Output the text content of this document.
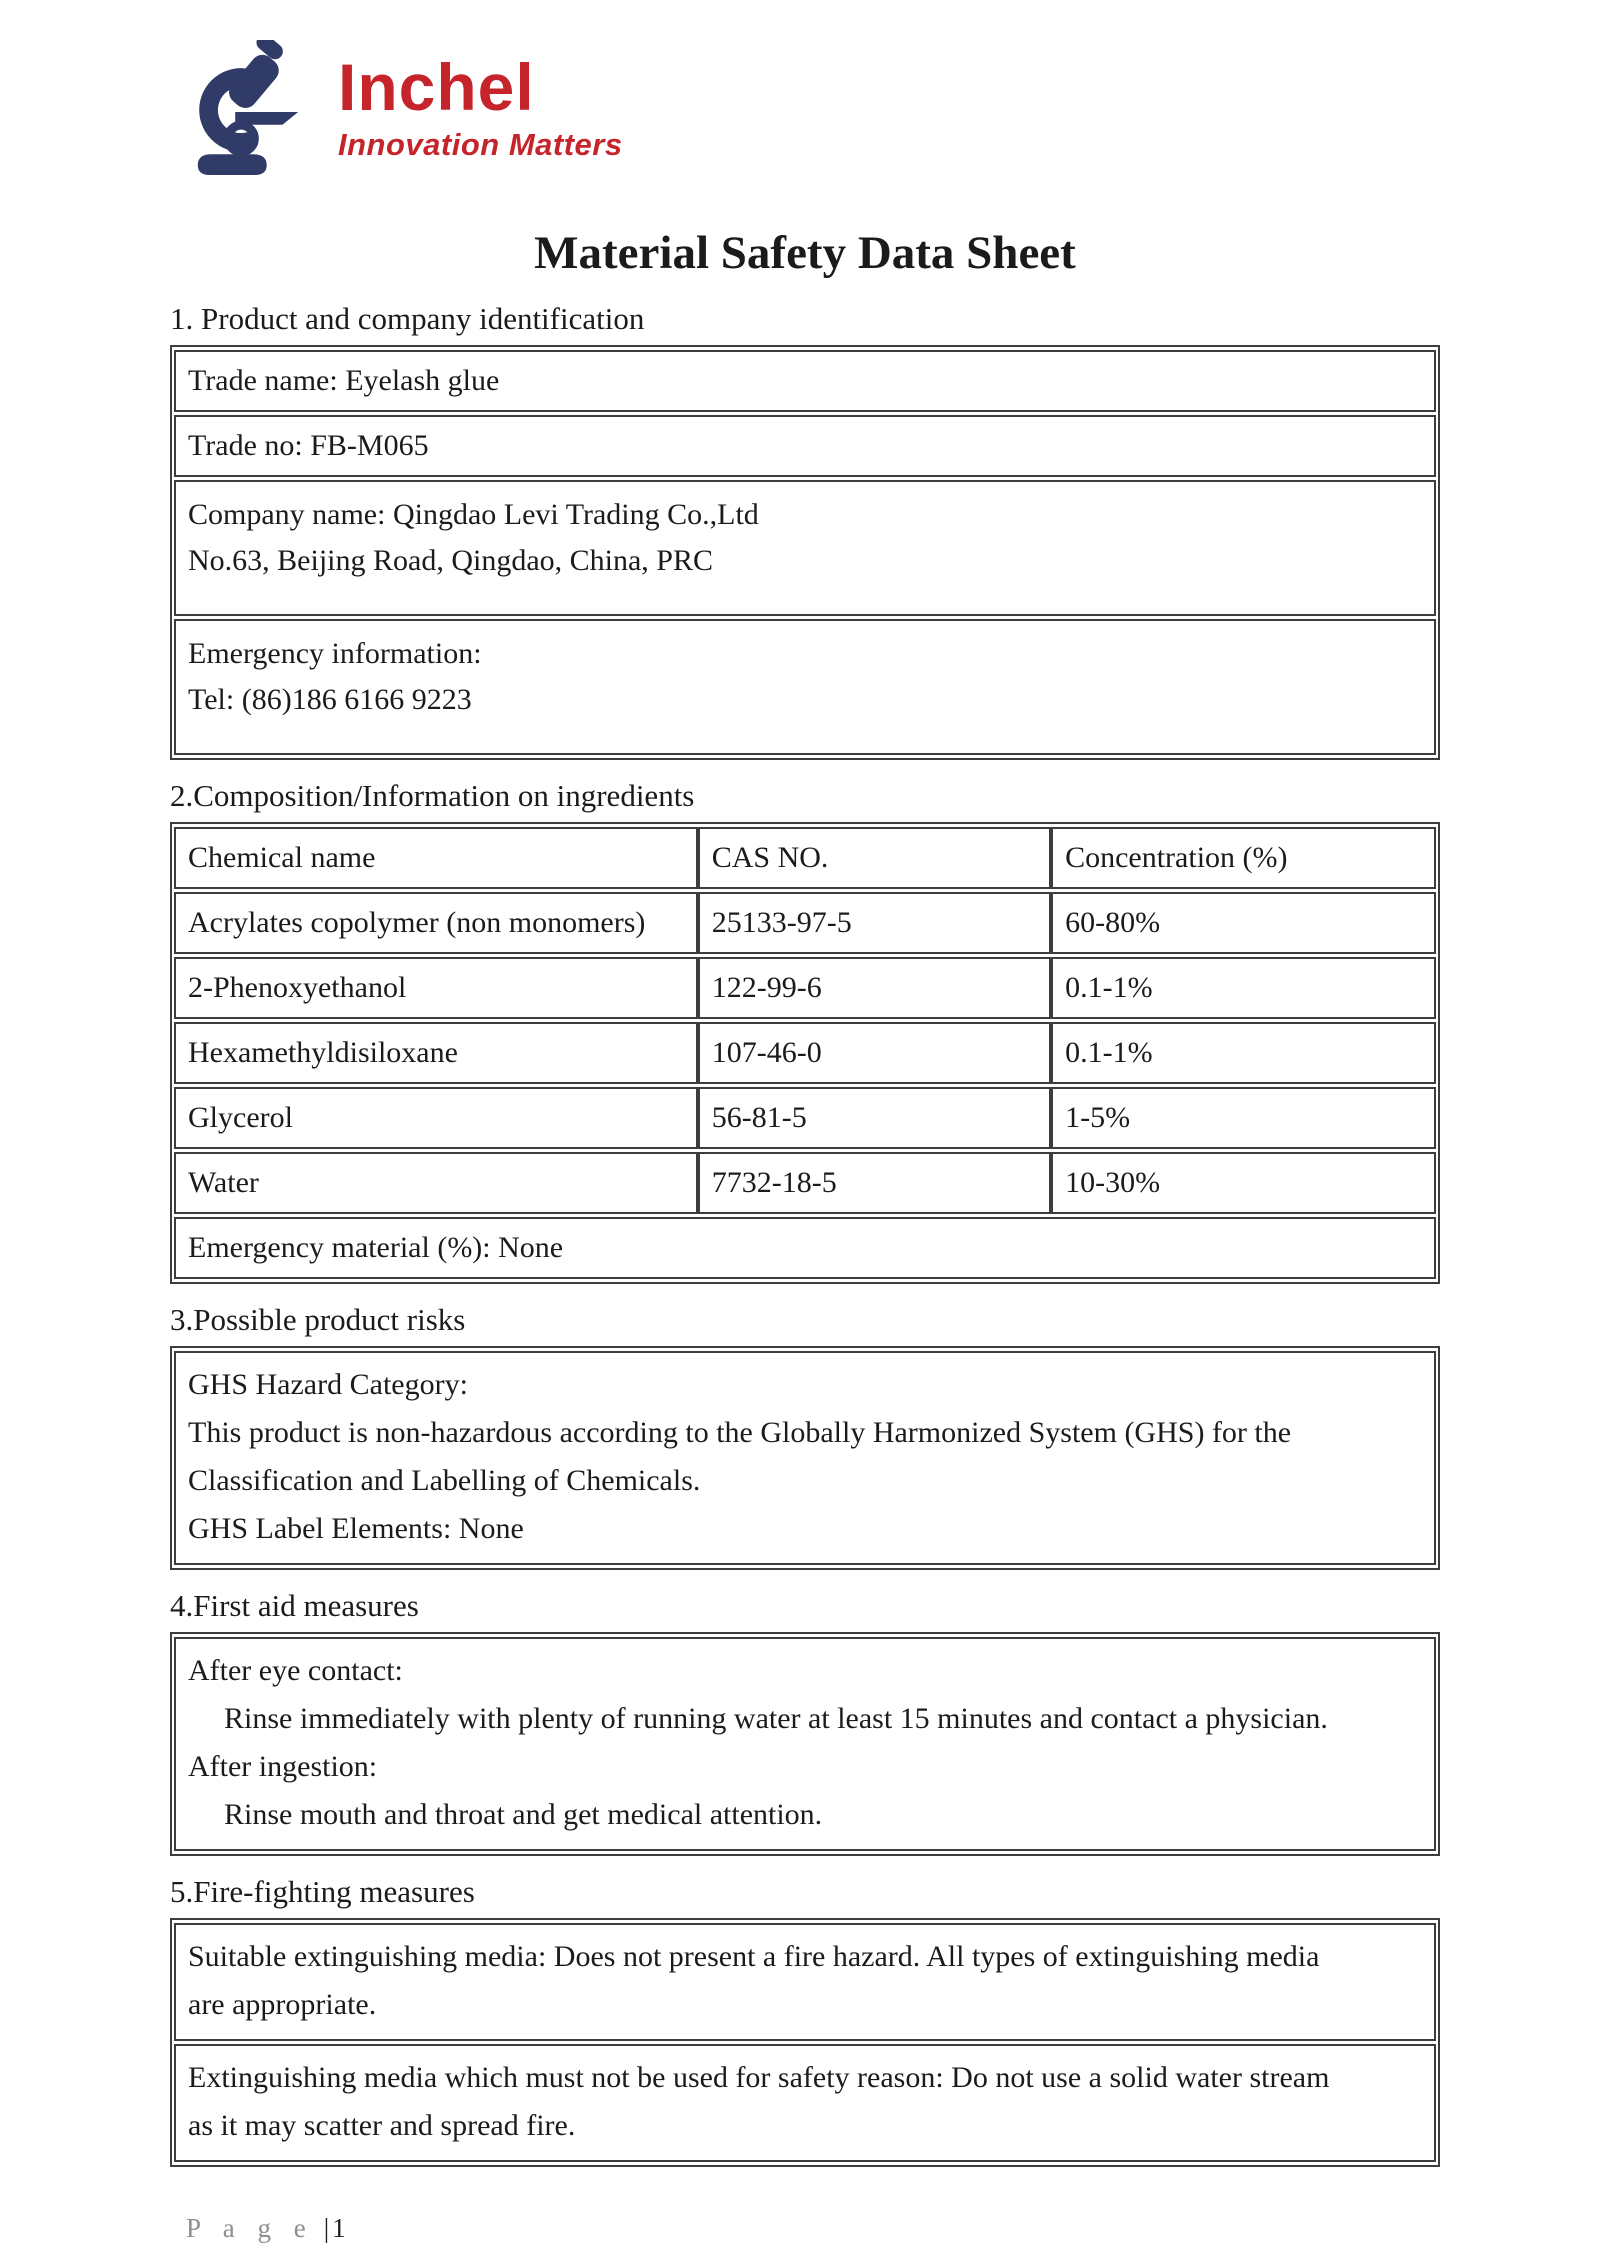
Inchel
Innovation Matters
Material Safety Data Sheet
1. Product and company identification
Trade name: Eyelash glue
Trade no: FB-M065

Company name: Qingdao Levi Trading Co.,Ltd
No.63, Beijing Road, Qingdao, China, PRC

Emergency information:
Tel: (86)186 6166 9223
2.Composition/Information on ingredients
Chemical name	CAS NO.	Concentration (%)
Acrylates copolymer (non monomers)	25133-97-5	60-80%
2-Phenoxyethanol	122-99-6	0.1-1%
Hexamethyldisiloxane	107-46-0	0.1-1%
Glycerol	56-81-5	1-5%
Water	7732-18-5	10-30%
Emergency material (%): None		
3.Possible product risks
GHS Hazard Category:
This product is non-hazardous according to the Globally Harmonized System (GHS) for the
Classification and Labelling of Chemicals.
GHS Label Elements: None
4.First aid measures
After eye contact:
Rinse immediately with plenty of running water at least 15 minutes and contact a physician.
After ingestion:
Rinse mouth and throat and get medical attention.
5.Fire-fighting measures
Suitable extinguishing media: Does not present a fire hazard. All types of extinguishing media
are appropriate.

Extinguishing media which must not be used for safety reason: Do not use a solid water stream
as it may scatter and spread fire.
P a g e |1
